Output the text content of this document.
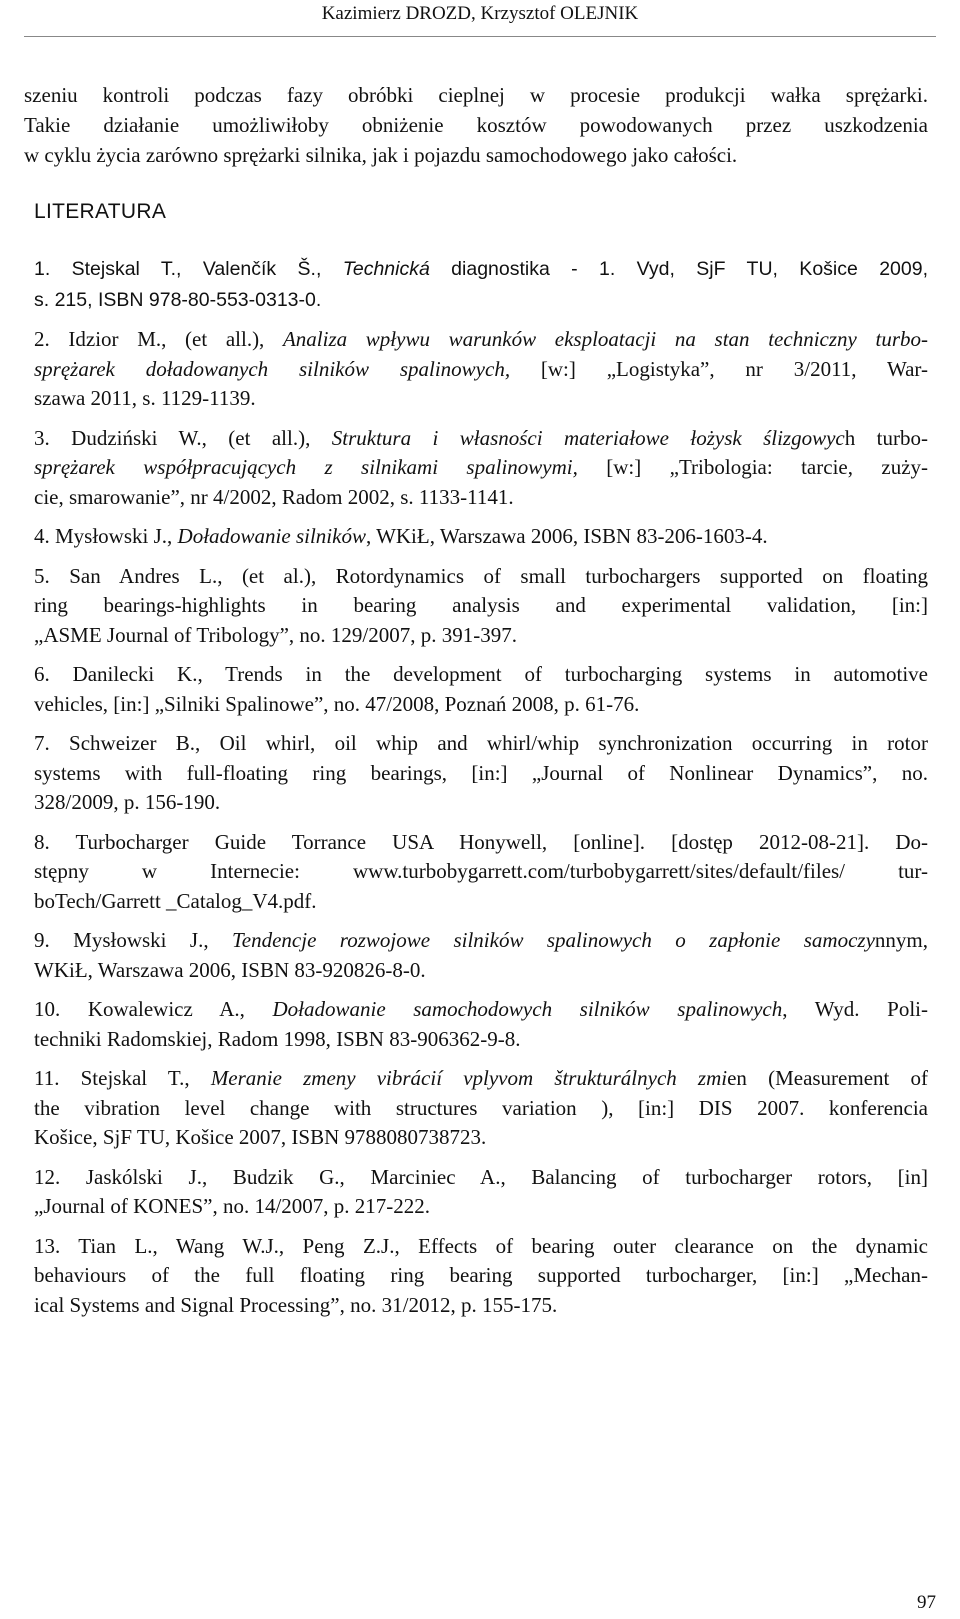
Kazimierz DROZD, Krzysztof OLEJNIK
szeniu kontroli podczas fazy obróbki cieplnej w procesie produkcji wałka sprężarki.
Takie działanie umożliwiłoby obniżenie kosztów powodowanych przez uszkodzenia
w cyklu życia zarówno sprężarki silnika, jak i pojazdu samochodowego jako całości.
LITERATURA
1. Stejskal T., Valenčík Š., Technická diagnostika - 1. Vyd, SjF TU, Košice 2009,
s. 215, ISBN 978-80-553-0313-0.
2. Idzior M., (et all.), Analiza wpływu warunków eksploatacji na stan techniczny turbo-
sprężarek doładowanych silników spalinowych, [w:] „Logistyka”, nr 3/2011, War-
szawa 2011, s. 1129-1139.
3. Dudziński W., (et all.), Struktura i własności materiałowe łożysk ślizgowych turbo-
sprężarek współpracujących z silnikami spalinowymi, [w:] „Tribologia: tarcie, zuży-
cie, smarowanie”, nr 4/2002, Radom 2002, s. 1133-1141.
4. Mysłowski J., Doładowanie silników, WKiŁ, Warszawa 2006, ISBN 83-206-1603-4.
5. San Andres L., (et al.), Rotordynamics of small turbochargers supported on floating
ring bearings-highlights in bearing analysis and experimental validation, [in:]
„ASME Journal of Tribology”, no. 129/2007, p. 391-397.
6. Danilecki K., Trends in the development of turbocharging systems in automotive
vehicles, [in:] „Silniki Spalinowe”, no. 47/2008, Poznań 2008, p. 61-76.
7. Schweizer B., Oil whirl, oil whip and whirl/whip synchronization occurring in rotor
systems with full-floating ring bearings, [in:] „Journal of Nonlinear Dynamics”, no.
328/2009, p. 156-190.
8. Turbocharger Guide Torrance USA Honywell, [online]. [dostęp 2012-08-21]. Do-
stępny w Internecie: www.turbobygarrett.com/turbobygarrett/sites/default/files/ tur-
boTech/Garrett _Catalog_V4.pdf.
9. Mysłowski J., Tendencje rozwojowe silników spalinowych o zapłonie samoczynnym,
WKiŁ, Warszawa 2006, ISBN 83-920826-8-0.
10. Kowalewicz A., Doładowanie samochodowych silników spalinowych, Wyd. Poli-
techniki Radomskiej, Radom 1998, ISBN 83-906362-9-8.
11. Stejskal T., Meranie zmeny vibrácií vplyvom štrukturálnych zmien (Measurement of
the vibration level change with structures variation ), [in:] DIS 2007. konferencia
Košice, SjF TU, Košice 2007, ISBN 9788080738723.
12. Jaskólski J., Budzik G., Marciniec A., Balancing of turbocharger rotors, [in]
„Journal of KONES”, no. 14/2007, p. 217-222.
13. Tian L., Wang W.J., Peng Z.J., Effects of bearing outer clearance on the dynamic
behaviours of the full floating ring bearing supported turbocharger, [in:] „Mechan-
ical Systems and Signal Processing”, no. 31/2012, p. 155-175.
97
